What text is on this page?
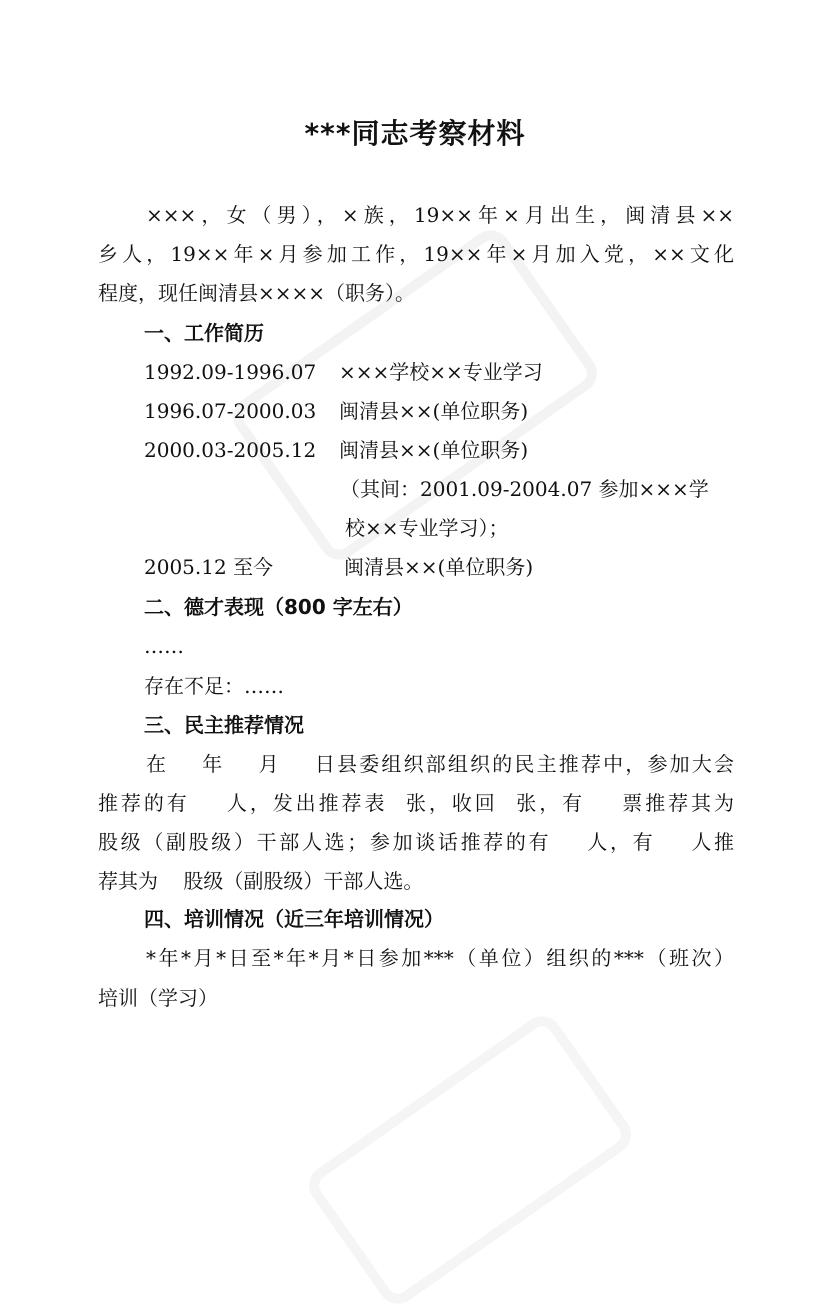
***同志考察材料
×××，女（男），×族，19××年×月出生，闽清县××
乡人，19××年×月参加工作，19××年×月加入党，××文化
程度，现任闽清县××××（职务）。
一、工作简历
1992.09-1996.07 ×××学校××专业学习
1996.07-2000.03 闽清县××(单位职务)
2000.03-2005.12 闽清县××(单位职务)
（其间：2001.09-2004.07 参加×××学
校××专业学习）；
2005.12 至今	闽清县××(单位职务)
二、德才表现（800 字左右）
……
存在不足：……
三、民主推荐情况
在    年    月    日县委组织部组织的民主推荐中，参加大会
推荐的有    人，发出推荐表  张，收回  张，有    票推荐其为
股级（副股级）干部人选；参加谈话推荐的有    人，有    人推
荐其为    股级（副股级）干部人选。
四、培训情况（近三年培训情况）
*年*月*日至*年*月*日参加***（单位）组织的***（班次）
培训（学习）
